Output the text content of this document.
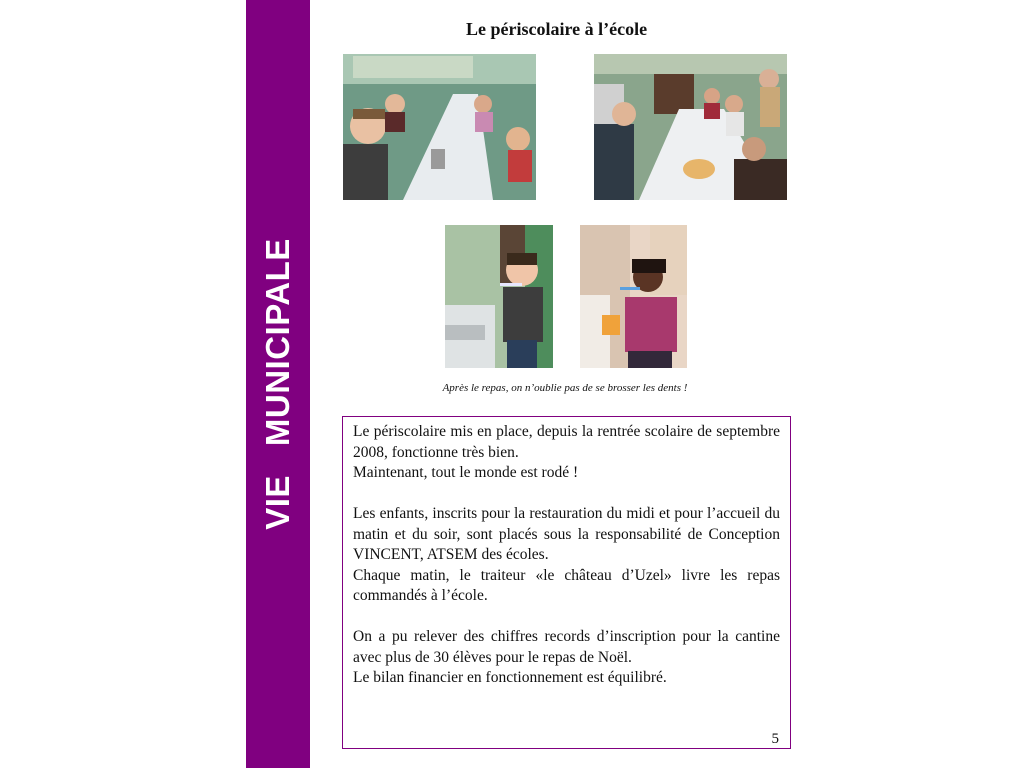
VIE   MUNICIPALE
Le périscolaire à l’école
Après le repas, on n’oublie pas de se brosser les dents !

Le périscolaire mis en place, depuis la rentrée scolaire de septembre 2008, fonctionne très bien.

Maintenant, tout le monde est rodé !

Les enfants, inscrits pour la restauration du midi et pour l’accueil du matin et du soir, sont placés sous la responsabilité de Conception VINCENT, ATSEM des écoles.

Chaque matin, le traiteur «le château d’Uzel» livre les repas commandés à l’école.

On a pu relever des chiffres records d’inscription pour la cantine avec plus de 30 élèves pour le repas de Noël.

Le bilan financier en fonctionnement est équilibré.

5
